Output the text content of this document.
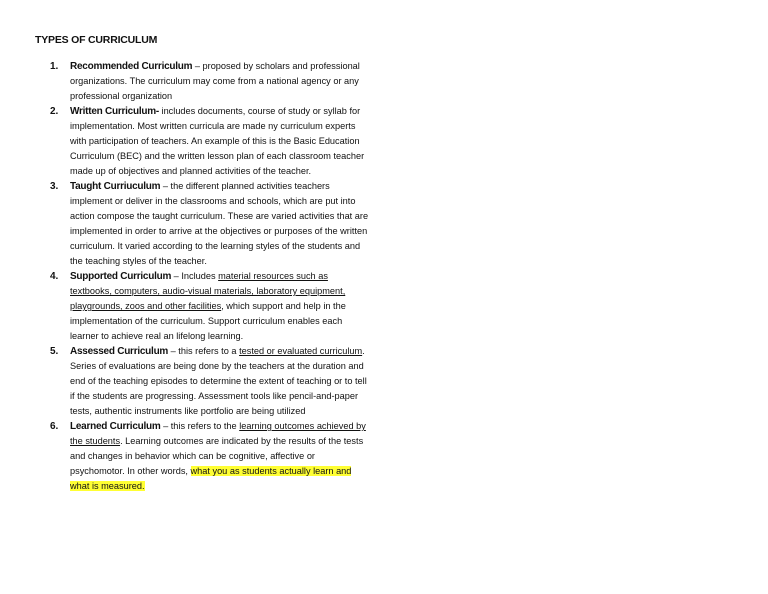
TYPES OF CURRICULUM
1. Recommended Curriculum – proposed by scholars and professional organizations. The curriculum may come from a national agency or any professional organization
2. Written Curriculum- includes documents, course of study or syllab for implementation. Most written curricula are made ny curriculum experts with participation of teachers. An example of this is the Basic Education Curriculum (BEC) and the written lesson plan of each classroom teacher made up of objectives and planned activities of the teacher.
3. Taught Curriuculum – the different planned activities teachers implement or deliver in the classrooms and schools, which are put into action compose the taught curriculum. These are varied activities that are implemented in order to arrive at the objectives or purposes of the written curriculum. It varied according to the learning styles of the students and the teaching styles of the teacher.
4. Supported Curriculum – Includes material resources such as textbooks, computers, audio-visual materials, laboratory equipment, playgrounds, zoos and other facilities, which support and help in the implementation of the curriculum. Support curriculum enables each learner to achieve real an lifelong learning.
5. Assessed Curriculum – this refers to a tested or evaluated curriculum. Series of evaluations are being done by the teachers at the duration and end of the teaching episodes to determine the extent of teaching or to tell if the students are progressing. Assessment tools like pencil-and-paper tests, authentic instruments like portfolio are being utilized
6. Learned Curriculum – this refers to the learning outcomes achieved by the students. Learning outcomes are indicated by the results of the tests and changes in behavior which can be cognitive, affective or psychomotor. In other words, what you as students actually learn and what is measured.
